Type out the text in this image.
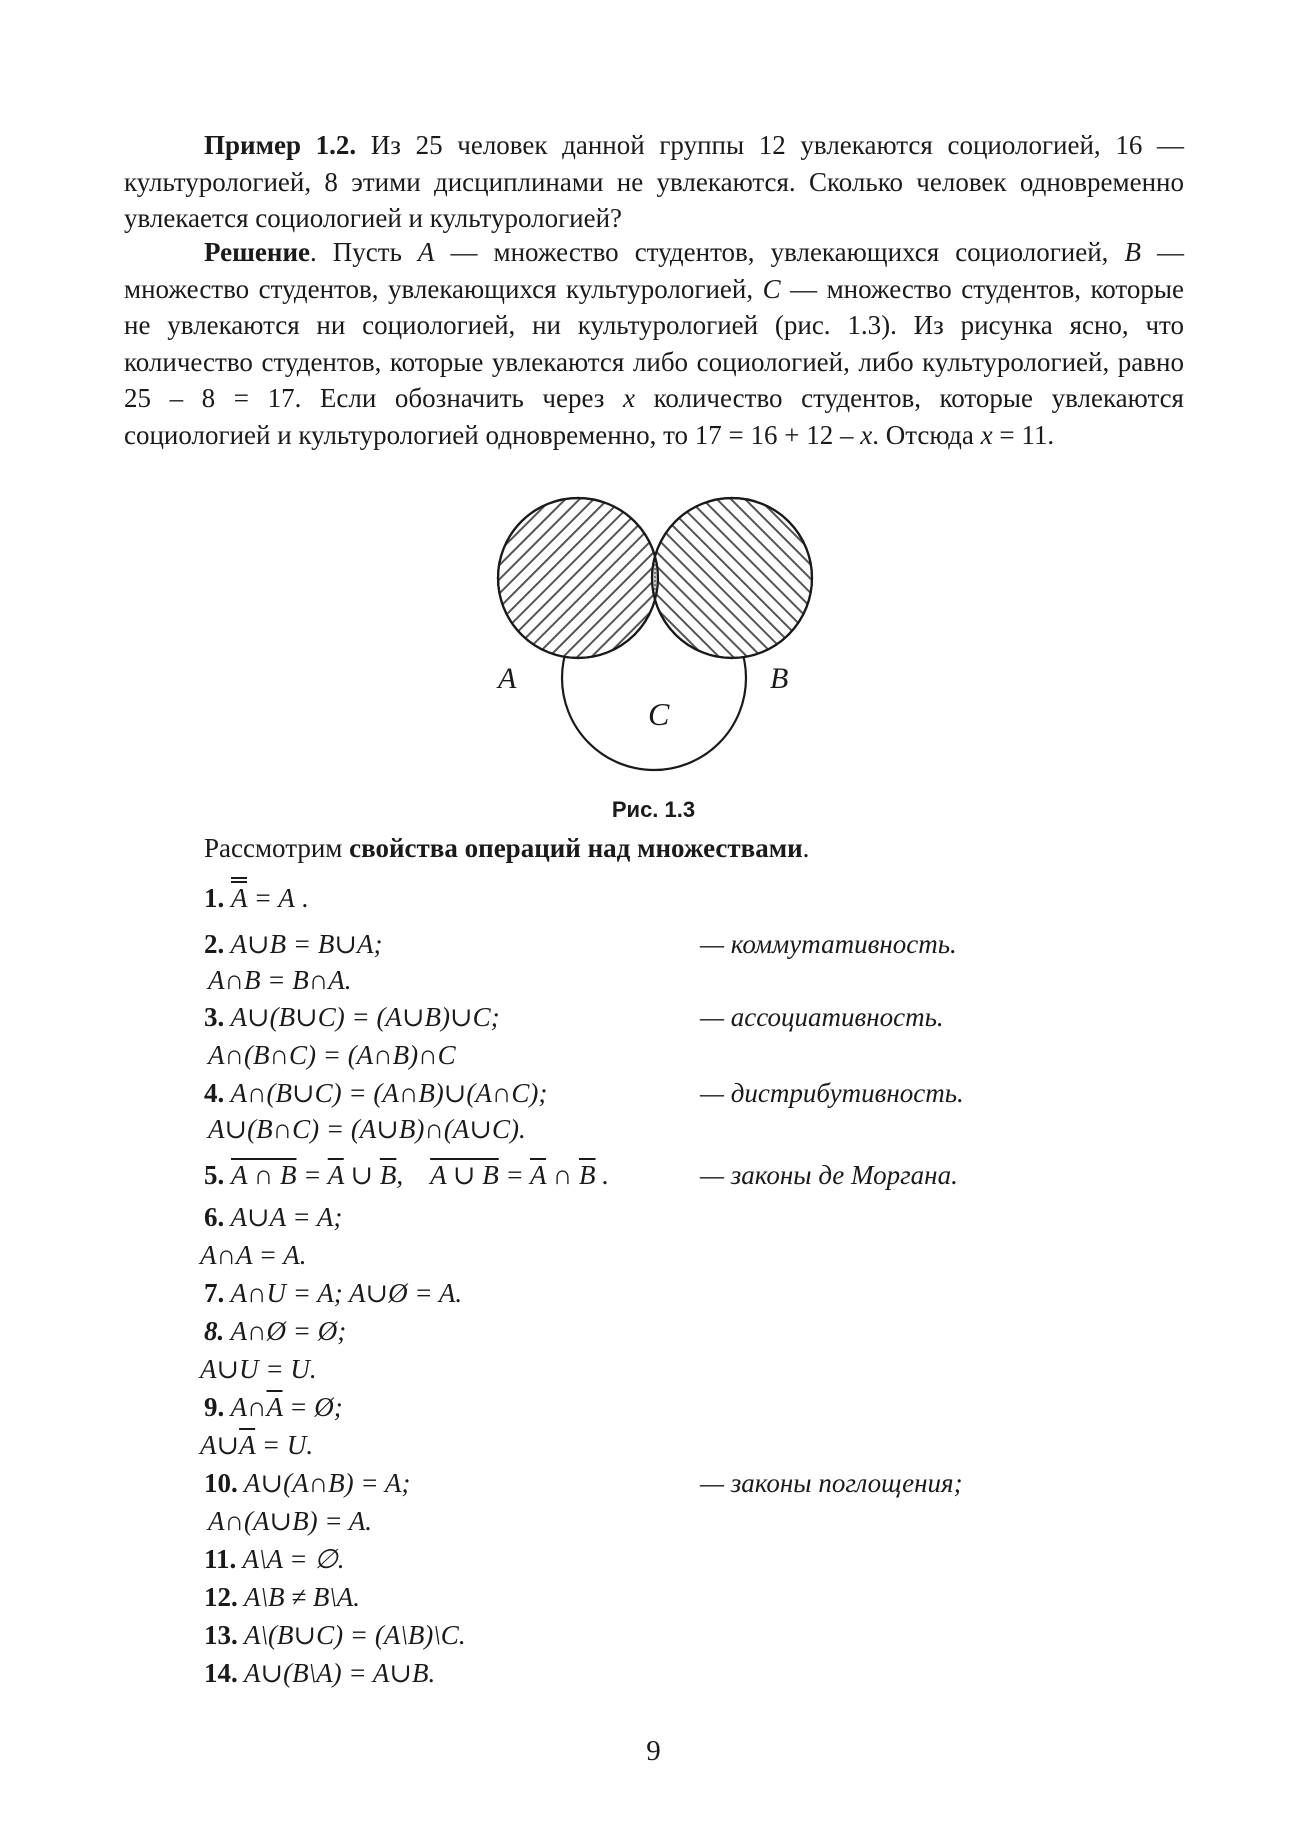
Пример 1.2. Из 25 человек данной группы 12 увлекаются социологией, 16 — культурологией, 8 этими дисциплинами не увлекаются. Сколько человек одновременно увлекается социологией и культурологией?
Решение. Пусть A — множество студентов, увлекающихся социологией, B — множество студентов, увлекающихся культурологией, C — множество студентов, которые не увлекаются ни социологией, ни культурологией (рис. 1.3). Из рисунка ясно, что количество студентов, которые увлекаются либо социологией, либо культурологией, равно 25 – 8 = 17. Если обозначить через x количество студентов, которые увлекаются социологией и культурологией одновременно, то 17 = 16 + 12 – x. Отсюда x = 11.
A	B
C
Рис. 1.3
Рассмотрим свойства операций над множествами.
1. A = A .
2. A∪B = B∪A;	— коммутативность.
A∩B = B∩A.
3. A∪(B∪C) = (A∪B)∪C;	— ассоциативность.
A∩(B∩C) = (A∩B)∩C
4. A∩(B∪C) = (A∩B)∪(A∩C);	— дистрибутивность.
A∪(B∩C) = (A∪B)∩(A∪C).
5. A ∩ $B = \overline{A}$ ∪ $\overline{B}$, A ∪ $B = \overline{A}$ ∩ $\overline{B}$ .	— законы де Моргана.
6. A∪A = A;
A∩A = A.
7. A∩U = A; A∪Ø = A.
8. A∩Ø = Ø;
A∪U = U.
9. $A\cap\overline{A}$ = Ø;
$A\cup\overline{A} = U$.
10. A∪(A∩B) = A;	— законы поглощения;
A∩(A∪B) = A.
11. A\A = ∅.
12. A\B ≠ B\A.
13. A\(B∪C) = (A\B)\C.
14. A∪(B\A) = A∪B.
9
